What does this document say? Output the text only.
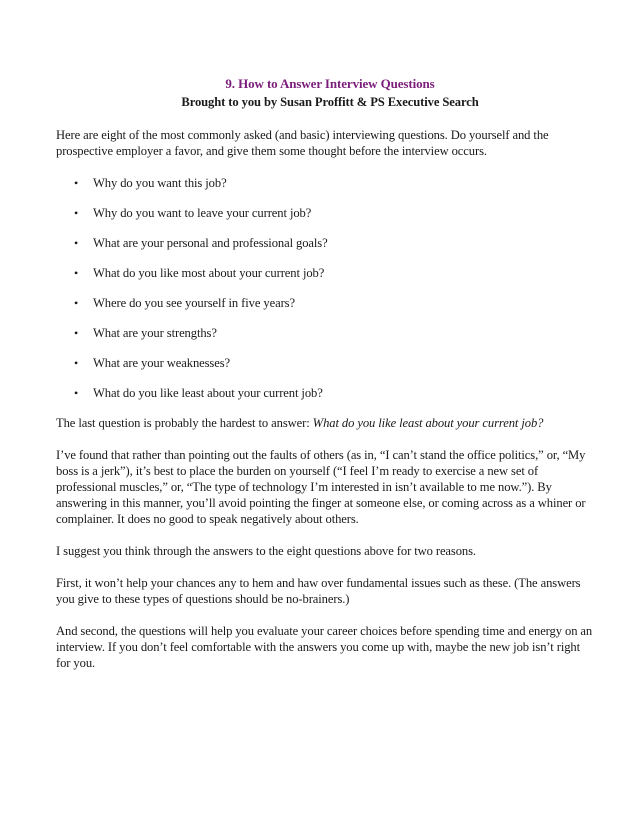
9. How to Answer Interview Questions
Brought to you by Susan Proffitt & PS Executive Search

Here are eight of the most commonly asked (and basic) interviewing questions. Do yourself and the prospective employer a favor, and give them some thought before the interview occurs.

• Why do you want this job?
• Why do you want to leave your current job?
• What are your personal and professional goals?
• What do you like most about your current job?
• Where do you see yourself in five years?
• What are your strengths?
• What are your weaknesses?
• What do you like least about your current job?

The last question is probably the hardest to answer: What do you like least about your current job?

I’ve found that rather than pointing out the faults of others (as in, “I can’t stand the office politics,” or, “My boss is a jerk”), it’s best to place the burden on yourself (“I feel I’m ready to exercise a new set of professional muscles,” or, “The type of technology I’m interested in isn’t available to me now.”). By answering in this manner, you’ll avoid pointing the finger at someone else, or coming across as a whiner or complainer. It does no good to speak negatively about others.

I suggest you think through the answers to the eight questions above for two reasons.

First, it won’t help your chances any to hem and haw over fundamental issues such as these. (The answers you give to these types of questions should be no-brainers.)

And second, the questions will help you evaluate your career choices before spending time and energy on an interview. If you don’t feel comfortable with the answers you come up with, maybe the new job isn’t right for you.
